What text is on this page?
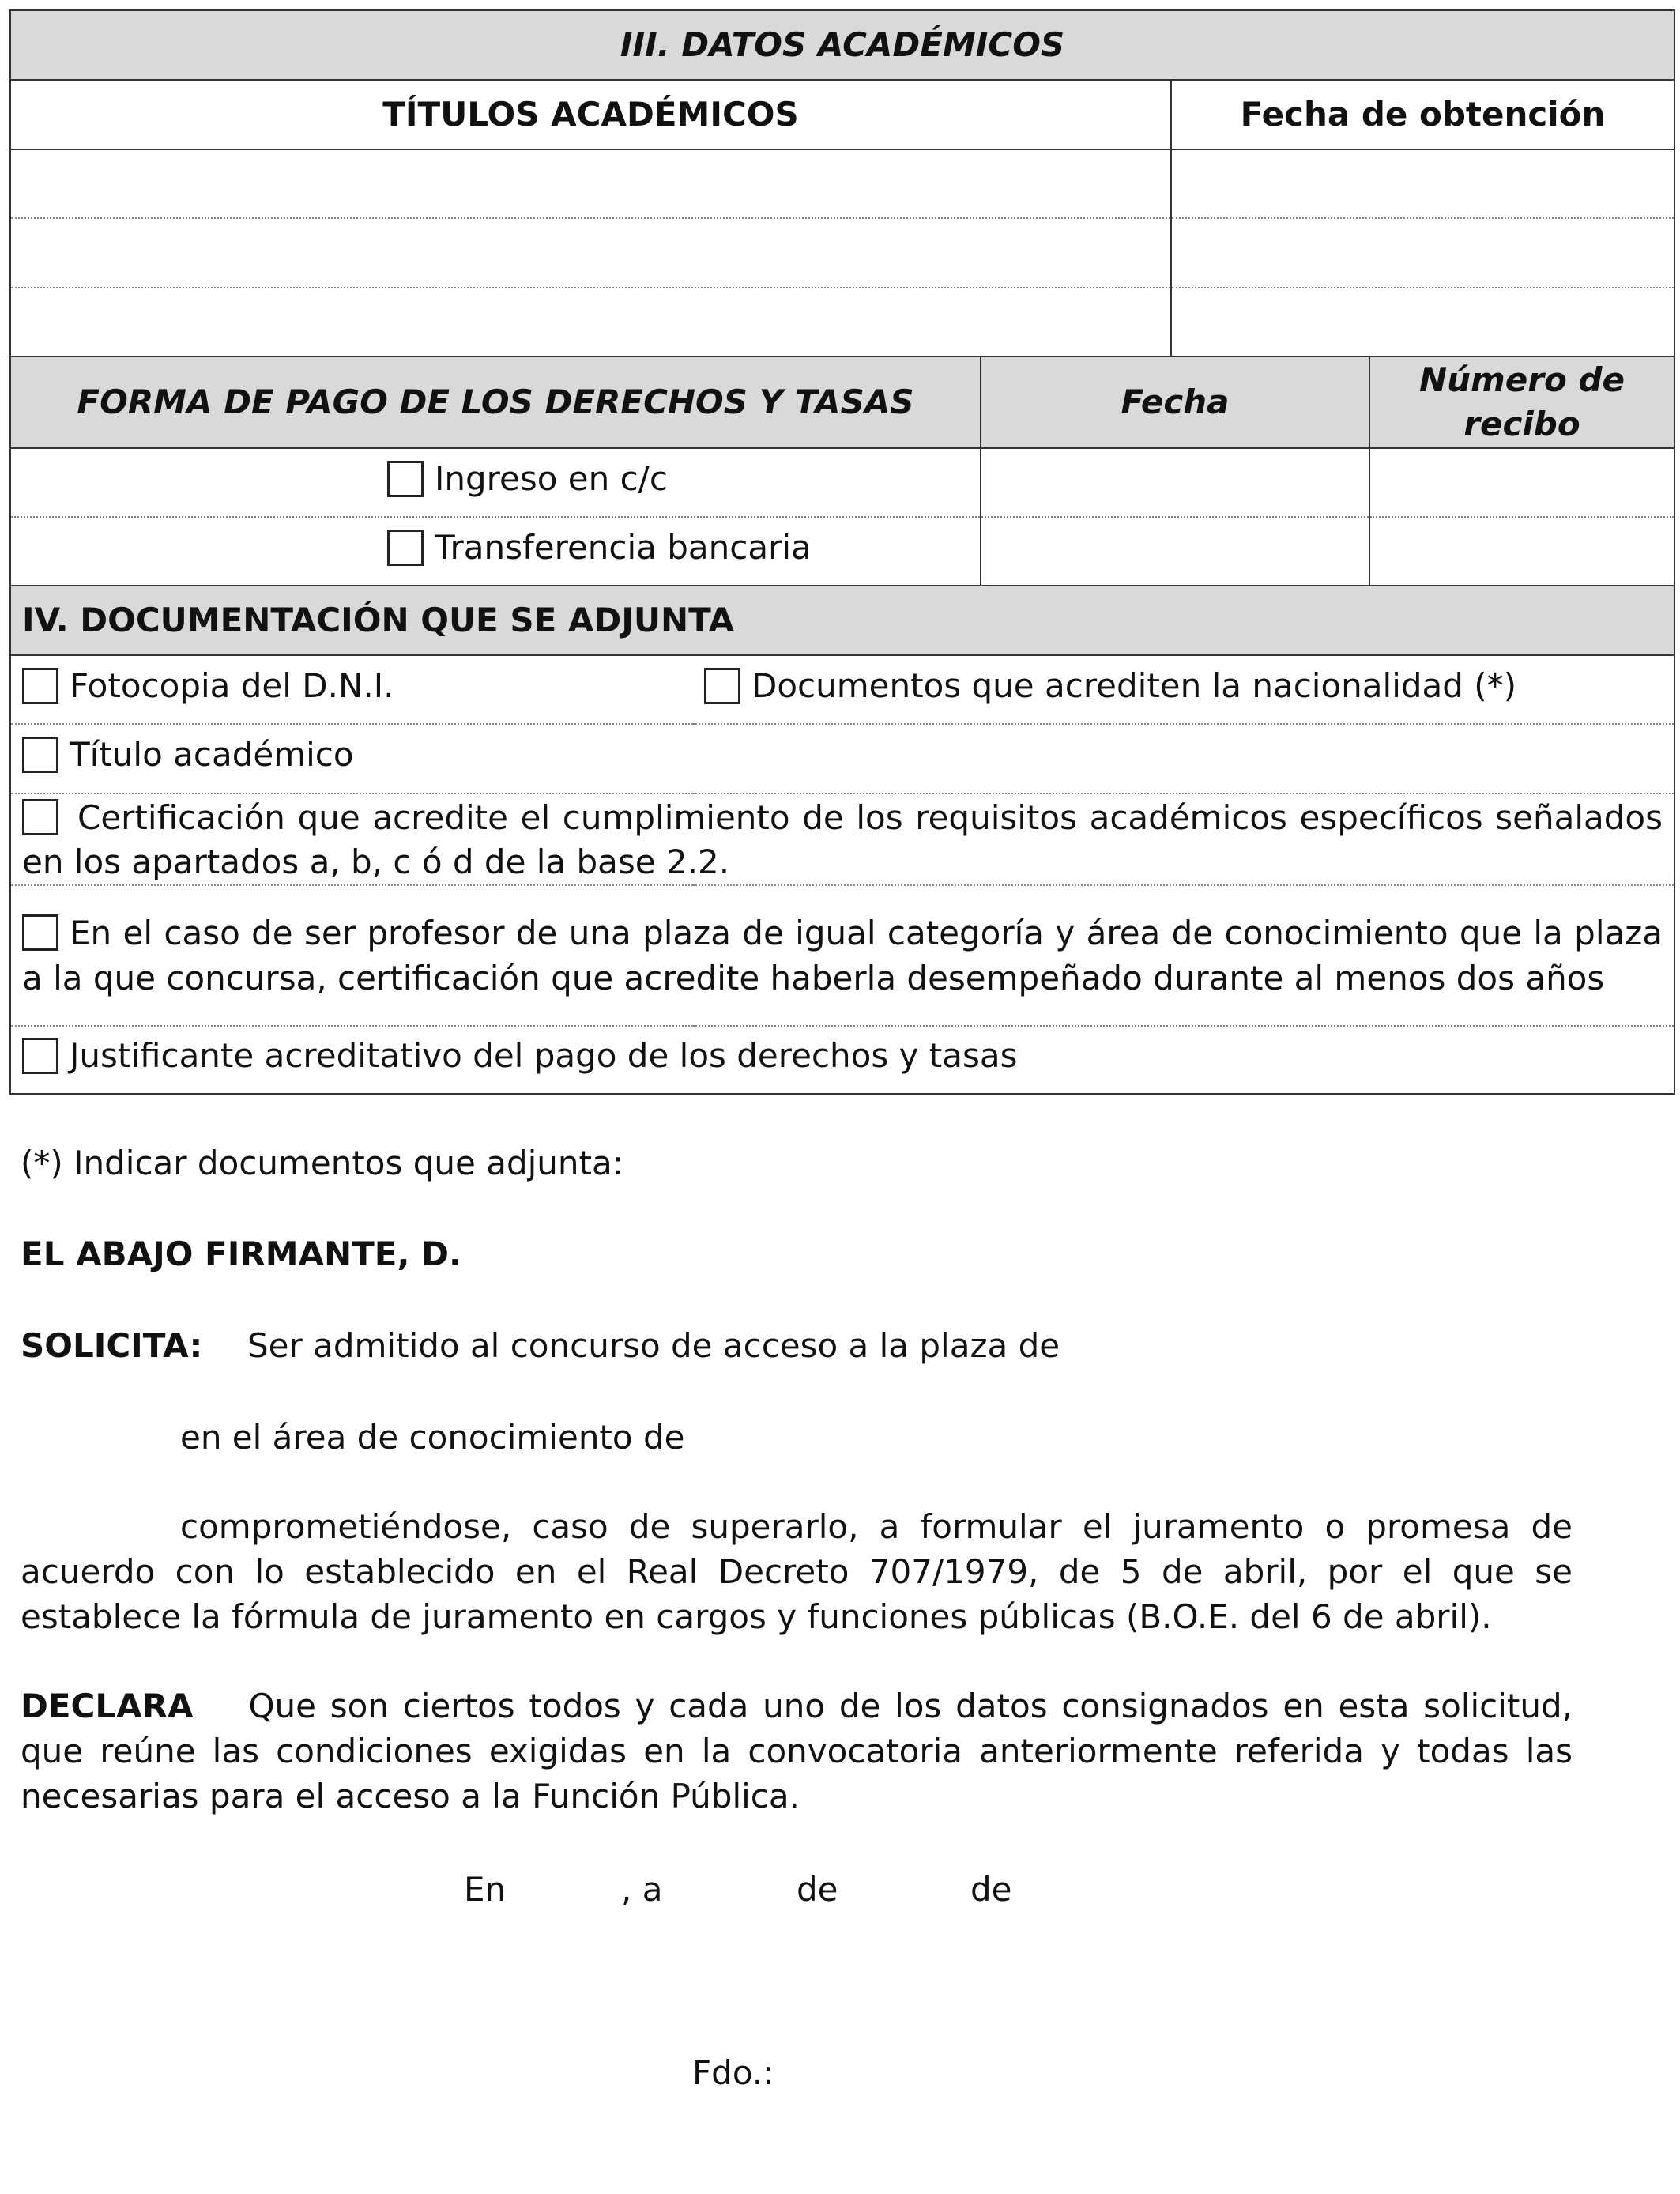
III. DATOS ACADÉMICOS	
TÍTULOS ACADÉMICOS	Fecha de obtención

FORMA DE PAGO DE LOS DERECHOS Y TASAS	Fecha	Número de recibo

Ingreso en c/c		

Transferencia bancaria		

IV. DOCUMENTACIÓN QUE SE ADJUNTA

Fotocopia del D.N.I.	Documentos que acrediten la nacionalidad (*)

Título académico

Certificación que acredite el cumplimiento de los requisitos académicos específicos señalados en los apartados a, b, c ó d de la base 2.2.
En el caso de ser profesor de una plaza de igual categoría y área de conocimiento que la plaza a la que concursa, certificación que acredite haberla desempeñado durante al menos dos años

Justificante acreditativo del pago de los derechos y tasas
(*) Indicar documentos que adjunta:
EL ABAJO FIRMANTE, D.
SOLICITA: Ser admitido al concurso de acceso a la plaza de
en el área de conocimiento de
comprometiéndose, caso de superarlo, a formular el juramento o promesa de acuerdo con lo establecido en el Real Decreto 707/1979, de 5 de abril, por el que se establece la fórmula de juramento en cargos y funciones públicas (B.O.E. del 6 de abril).
DECLARA Que son ciertos todos y cada uno de los datos consignados en esta solicitud, que reúne las condiciones exigidas en la convocatoria anteriormente referida y todas las necesarias para el acceso a la Función Pública.
En	, a	de	de
Fdo.:
